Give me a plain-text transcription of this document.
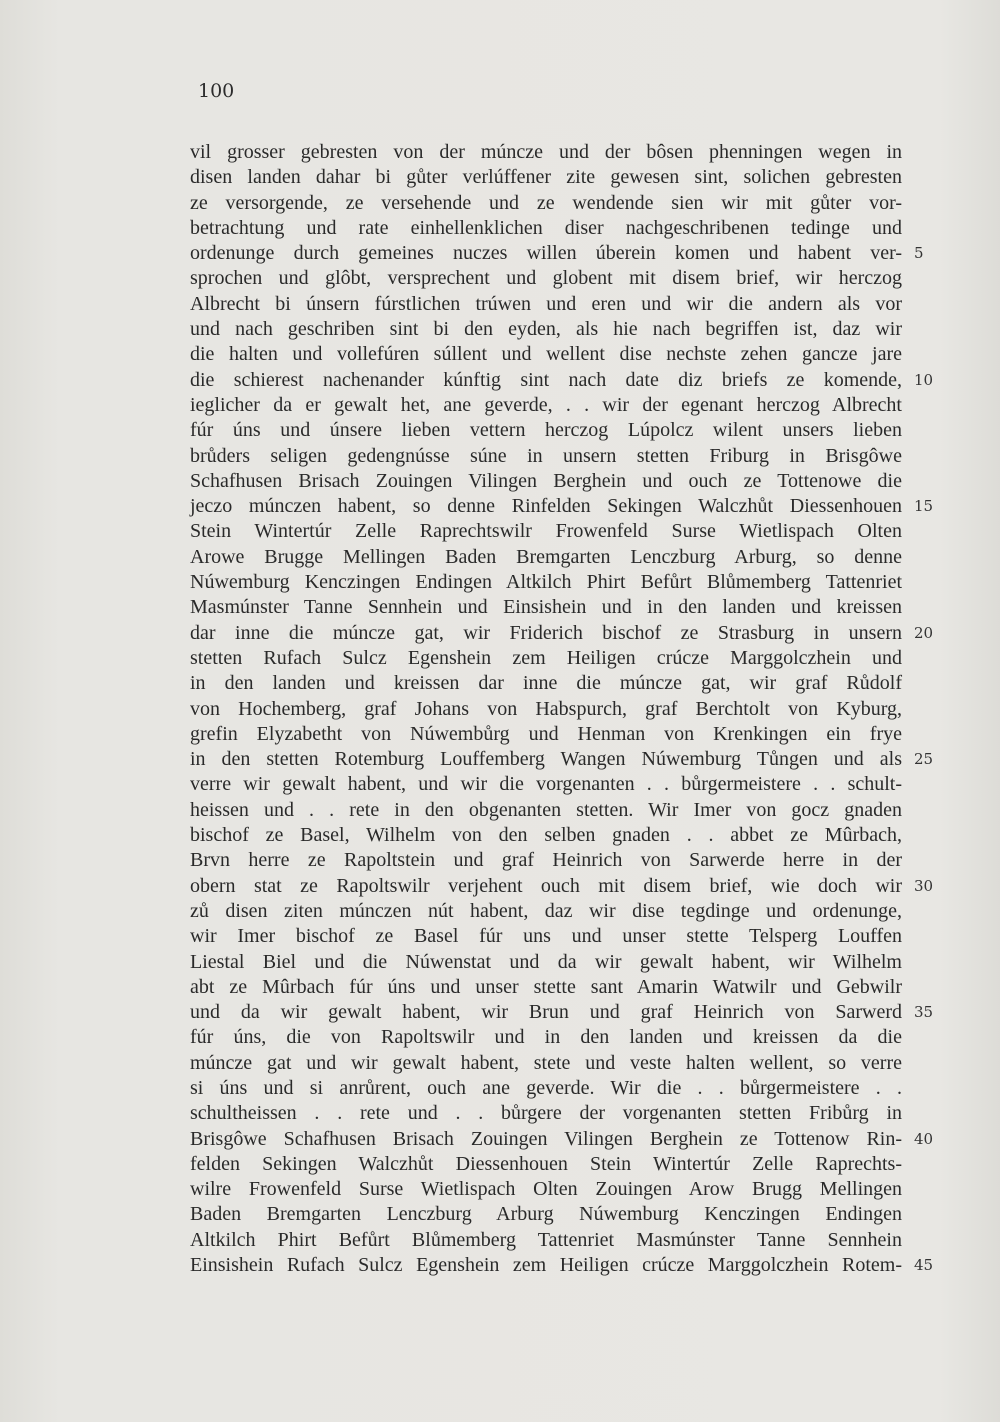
100
vil grosser gebresten von der múncze und der bôsen phenningen wegen in
disen landen dahar bi gůter verlúffener zite gewesen sint, solichen gebresten
ze versorgende, ze versehende und ze wendende sien wir mit gůter vor-
betrachtung und rate einhellenklichen diser nachgeschribenen tedinge und
ordenunge durch gemeines nuczes willen úberein komen und habent ver- 5
sprochen und glôbt, versprechent und globent mit disem brief, wir herczog
Albrecht bi únsern fúrstlichen trúwen und eren und wir die andern als vor
und nach geschriben sint bi den eyden, als hie nach begriffen ist, daz wir
die halten und vollefúren súllent und wellent dise nechste zehen gancze jare
die schierest nachenander kúnftig sint nach date diz briefs ze komende, 10
ieglicher da er gewalt het, ane geverde, . . wir der egenant herczog Albrecht
fúr úns und únsere lieben vettern herczog Lúpolcz wilent unsers lieben
brůders seligen gedengnússe súne in unsern stetten Friburg in Brisgôwe
Schafhusen Brisach Zouingen Vilingen Berghein und ouch ze Tottenowe die
jeczo múnczen habent, so denne Rinfelden Sekingen Walczhůt Diessenhouen 15
Stein Wintertúr Zelle Raprechtswilr Frowenfeld Surse Wietlispach Olten
Arowe Brugge Mellingen Baden Bremgarten Lenczburg Arburg, so denne
Núwemburg Kenczingen Endingen Altkilch Phirt Befůrt Blůmemberg Tattenriet
Masmúnster Tanne Sennhein und Einsishein und in den landen und kreissen
dar inne die múncze gat, wir Friderich bischof ze Strasburg in unsern 20
stetten Rufach Sulcz Egenshein zem Heiligen crúcze Marggolczhein und
in den landen und kreissen dar inne die múncze gat, wir graf Růdolf
von Hochemberg, graf Johans von Habspurch, graf Berchtolt von Kyburg,
grefin Elyzabetht von Núwembůrg und Henman von Krenkingen ein frye
in den stetten Rotemburg Louffemberg Wangen Núwemburg Tůngen und als 25
verre wir gewalt habent, und wir die vorgenanten . . bůrgermeistere . . schult-
heissen und . . rete in den obgenanten stetten. Wir Imer von gocz gnaden
bischof ze Basel, Wilhelm von den selben gnaden . . abbet ze Mûrbach,
Brvn herre ze Rapoltstein und graf Heinrich von Sarwerde herre in der
obern stat ze Rapoltswilr verjehent ouch mit disem brief, wie doch wir 30
zů disen ziten múnczen nút habent, daz wir dise tegdinge und ordenunge,
wir Imer bischof ze Basel fúr uns und unser stette Telsperg Louffen
Liestal Biel und die Núwenstat und da wir gewalt habent, wir Wilhelm
abt ze Mûrbach fúr úns und unser stette sant Amarin Watwilr und Gebwilr
und da wir gewalt habent, wir Brun und graf Heinrich von Sarwerd 35
fúr úns, die von Rapoltswilr und in den landen und kreissen da die
múncze gat und wir gewalt habent, stete und veste halten wellent, so verre
si úns und si anrůrent, ouch ane geverde. Wir die . . bůrgermeistere . .
schultheissen . . rete und . . bůrgere der vorgenanten stetten Fribůrg in
Brisgôwe Schafhusen Brisach Zouingen Vilingen Berghein ze Tottenow Rin- 40
felden Sekingen Walczhůt Diessenhouen Stein Wintertúr Zelle Raprechts-
wilre Frowenfeld Surse Wietlispach Olten Zouingen Arow Brugg Mellingen
Baden Bremgarten Lenczburg Arburg Núwemburg Kenczingen Endingen
Altkilch Phirt Befůrt Blůmemberg Tattenriet Masmúnster Tanne Sennhein
Einsishein Rufach Sulcz Egenshein zem Heiligen crúcze Marggolczhein Rotem- 45
